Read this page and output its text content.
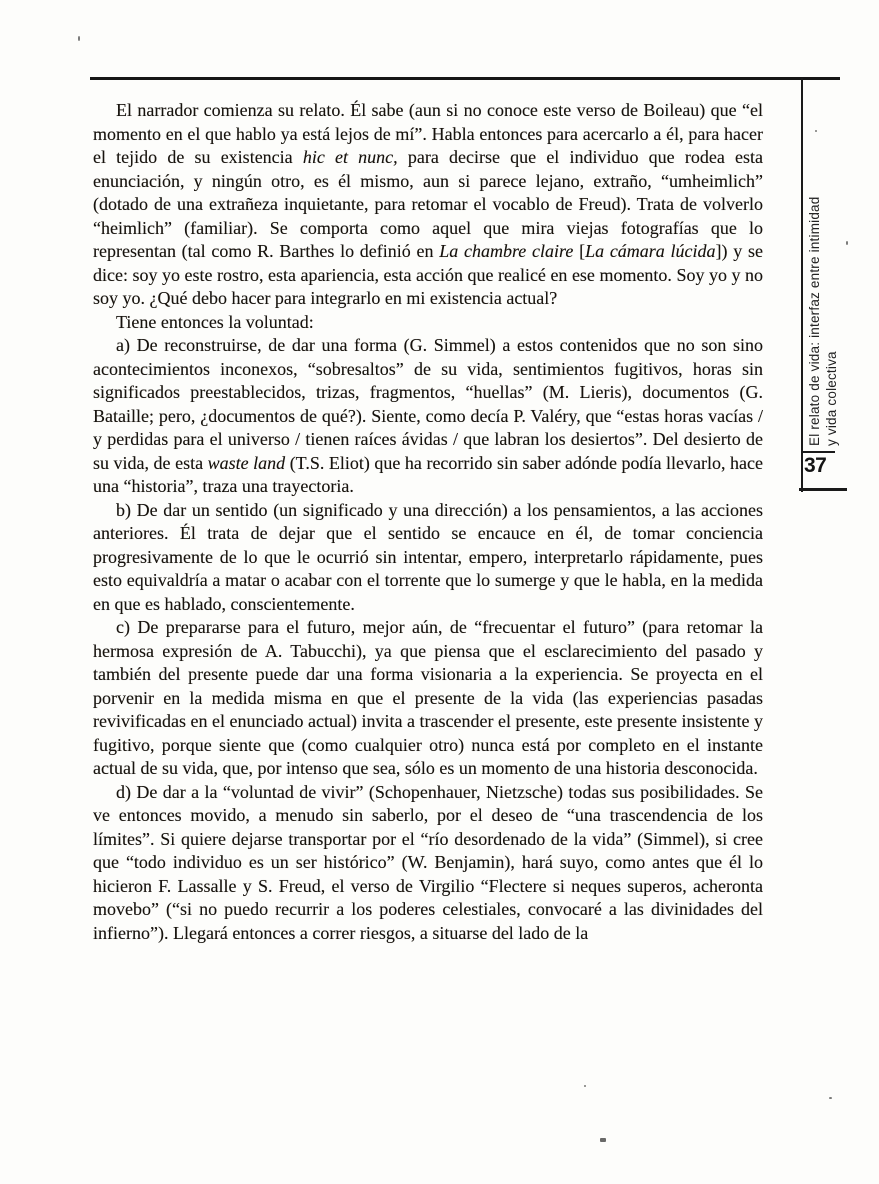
El narrador comienza su relato. Él sabe (aun si no conoce este verso de Boileau) que “el momento en el que hablo ya está lejos de mí”. Habla entonces para acercarlo a él, para hacer el tejido de su existencia hic et nunc, para decirse que el individuo que rodea esta enunciación, y ningún otro, es él mismo, aun si parece lejano, extraño, “umheimlich” (dotado de una extrañeza inquietante, para retomar el vocablo de Freud). Trata de volverlo “heimlich” (familiar). Se comporta como aquel que mira viejas fotografías que lo representan (tal como R. Barthes lo definió en La chambre claire [La cámara lúcida]) y se dice: soy yo este rostro, esta apariencia, esta acción que realicé en ese momento. Soy yo y no soy yo. ¿Qué debo hacer para integrarlo en mi existencia actual?

Tiene entonces la voluntad:

a) De reconstruirse, de dar una forma (G. Simmel) a estos contenidos que no son sino acontecimientos inconexos, “sobresaltos” de su vida, sentimientos fugitivos, horas sin significados preestablecidos, trizas, fragmentos, “huellas” (M. Lieris), documentos (G. Bataille; pero, ¿documentos de qué?). Siente, como decía P. Valéry, que “estas horas vacías / y perdidas para el universo / tienen raíces ávidas / que labran los desiertos”. Del desierto de su vida, de esta waste land (T.S. Eliot) que ha recorrido sin saber adónde podía llevarlo, hace una “historia”, traza una trayectoria.

b) De dar un sentido (un significado y una dirección) a los pensamientos, a las acciones anteriores. Él trata de dejar que el sentido se encauce en él, de tomar conciencia progresivamente de lo que le ocurrió sin intentar, empero, interpretarlo rápidamente, pues esto equivaldría a matar o acabar con el torrente que lo sumerge y que le habla, en la medida en que es hablado, conscientemente.

c) De prepararse para el futuro, mejor aún, de “frecuentar el futuro” (para retomar la hermosa expresión de A. Tabucchi), ya que piensa que el esclarecimiento del pasado y también del presente puede dar una forma visionaria a la experiencia. Se proyecta en el porvenir en la medida misma en que el presente de la vida (las experiencias pasadas revivificadas en el enunciado actual) invita a trascender el presente, este presente insistente y fugitivo, porque siente que (como cualquier otro) nunca está por completo en el instante actual de su vida, que, por intenso que sea, sólo es un momento de una historia desconocida.

d) De dar a la “voluntad de vivir” (Schopenhauer, Nietzsche) todas sus posibilidades. Se ve entonces movido, a menudo sin saberlo, por el deseo de “una trascendencia de los límites”. Si quiere dejarse transportar por el “río desordenado de la vida” (Simmel), si cree que “todo individuo es un ser histórico” (W. Benjamin), hará suyo, como antes que él lo hicieron F. Lassalle y S. Freud, el verso de Virgilio “Flectere si neques superos, acheronta movebo” (“si no puedo recurrir a los poderes celestiales, convocaré a las divinidades del infierno”). Llegará entonces a correr riesgos, a situarse del lado de la

El relato de vida: interfaz entre intimidad y vida colectiva
37
